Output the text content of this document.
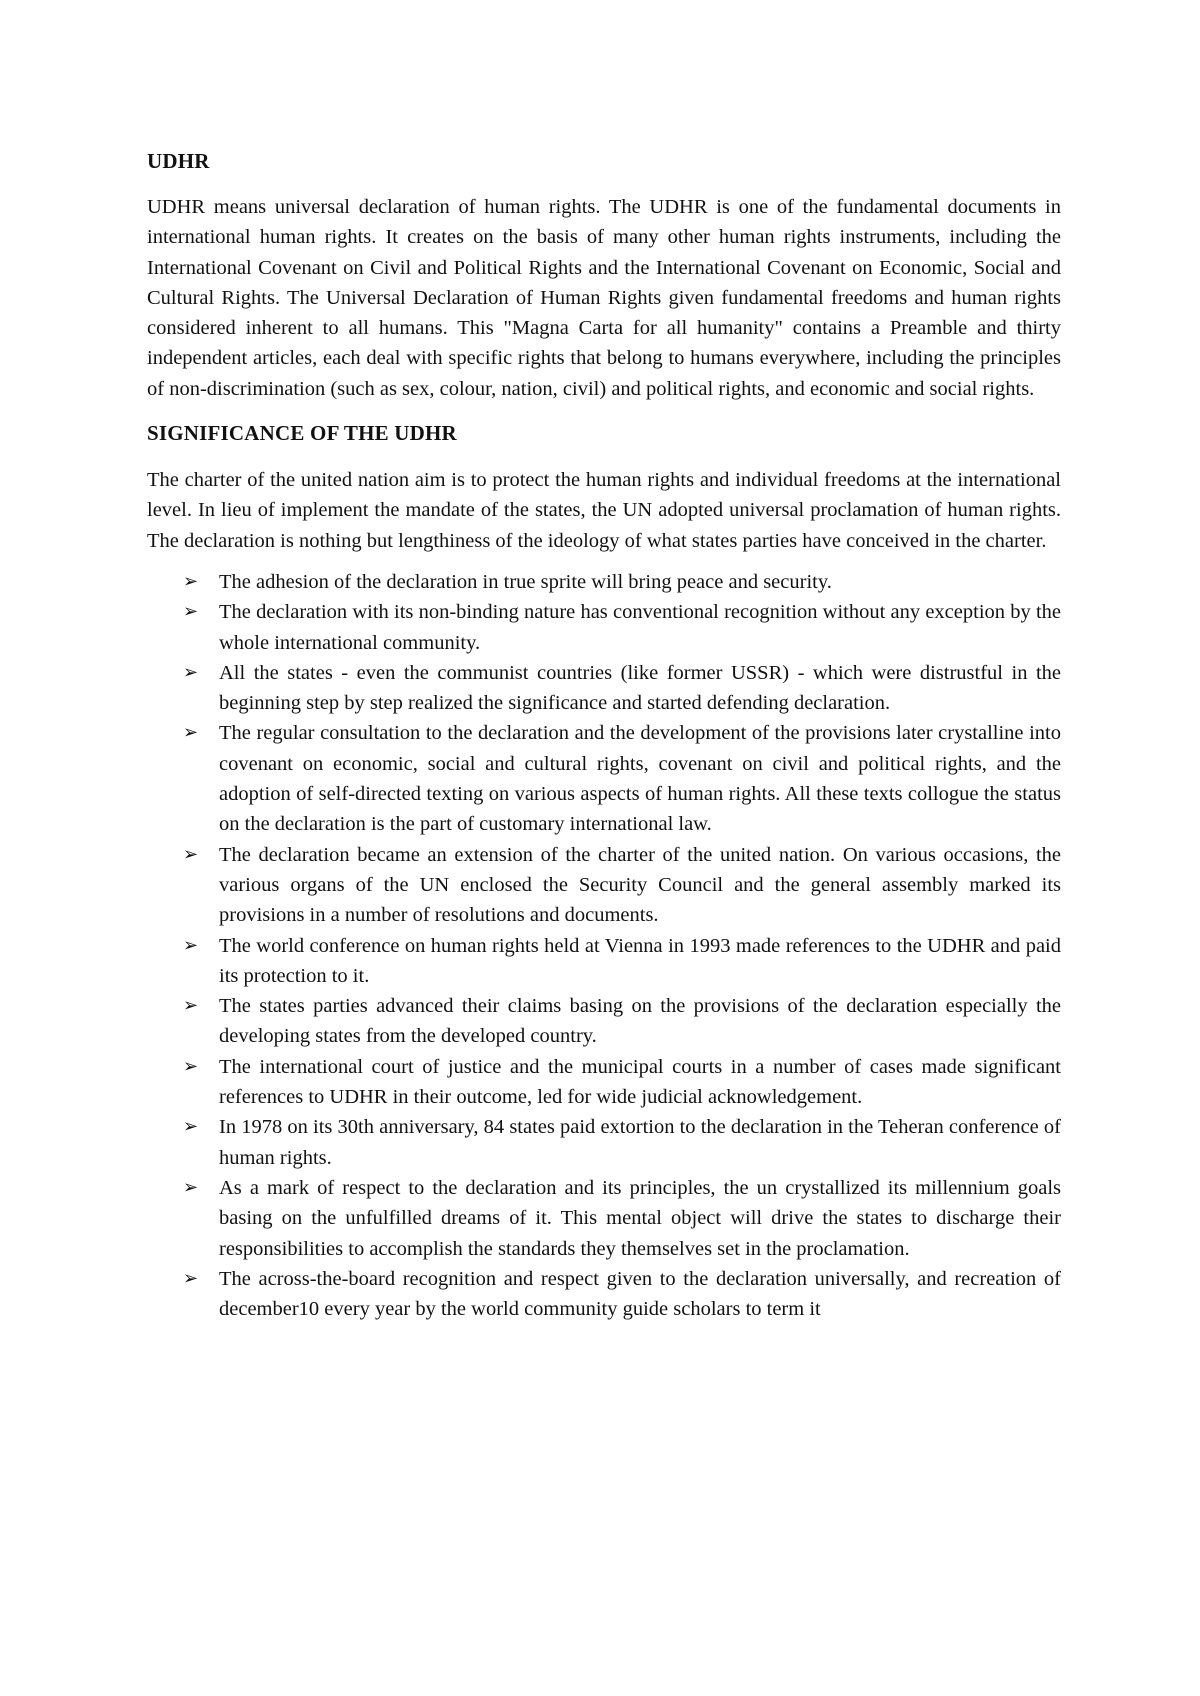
UDHR

UDHR means universal declaration of human rights. The UDHR is one of the fundamental documents in international human rights. It creates on the basis of many other human rights instruments, including the International Covenant on Civil and Political Rights and the International Covenant on Economic, Social and Cultural Rights. The Universal Declaration of Human Rights given fundamental freedoms and human rights considered inherent to all humans. This "Magna Carta for all humanity" contains a Preamble and thirty independent articles, each deal with specific rights that belong to humans everywhere, including the principles of non-discrimination (such as sex, colour, nation, civil) and political rights, and economic and social rights.

SIGNIFICANCE OF THE UDHR

The charter of the united nation aim is to protect the human rights and individual freedoms at the international level. In lieu of implement the mandate of the states, the UN adopted universal proclamation of human rights. The declaration is nothing but lengthiness of the ideology of what states parties have conceived in the charter.

➢ The adhesion of the declaration in true sprite will bring peace and security.
➢ The declaration with its non-binding nature has conventional recognition without any exception by the whole international community.
➢ All the states - even the communist countries (like former USSR) - which were distrustful in the beginning step by step realized the significance and started defending declaration.
➢ The regular consultation to the declaration and the development of the provisions later crystalline into covenant on economic, social and cultural rights, covenant on civil and political rights, and the adoption of self-directed texting on various aspects of human rights. All these texts collogue the status on the declaration is the part of customary international law.
➢ The declaration became an extension of the charter of the united nation. On various occasions, the various organs of the UN enclosed the Security Council and the general assembly marked its provisions in a number of resolutions and documents.
➢ The world conference on human rights held at Vienna in 1993 made references to the UDHR and paid its protection to it.
➢ The states parties advanced their claims basing on the provisions of the declaration especially the developing states from the developed country.
➢ The international court of justice and the municipal courts in a number of cases made significant references to UDHR in their outcome, led for wide judicial acknowledgement.
➢ In 1978 on its 30th anniversary, 84 states paid extortion to the declaration in the Teheran conference of human rights.
➢ As a mark of respect to the declaration and its principles, the un crystallized its millennium goals basing on the unfulfilled dreams of it. This mental object will drive the states to discharge their responsibilities to accomplish the standards they themselves set in the proclamation.
➢ The across-the-board recognition and respect given to the declaration universally, and recreation of december10 every year by the world community guide scholars to term it
